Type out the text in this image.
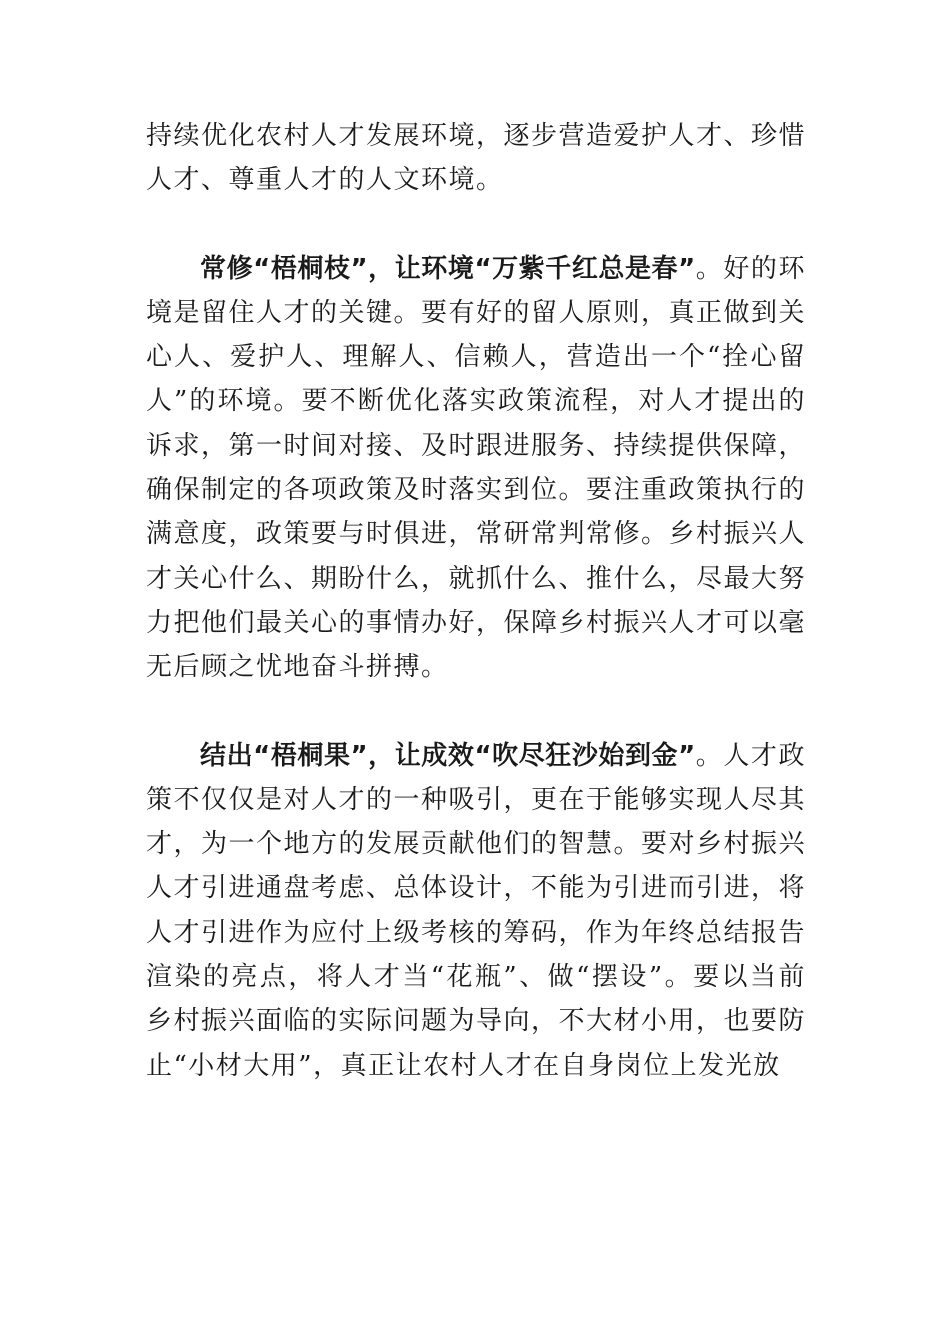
持续优化农村人才发展环境，逐步营造爱护人才、珍惜人才、尊重人才的人文环境。

常修“梧桐枝”，让环境“万紫千红总是春”。好的环境是留住人才的关键。要有好的留人原则，真正做到关心人、爱护人、理解人、信赖人，营造出一个“拴心留人”的环境。要不断优化落实政策流程，对人才提出的诉求，第一时间对接、及时跟进服务、持续提供保障，确保制定的各项政策及时落实到位。要注重政策执行的满意度，政策要与时俱进，常研常判常修。乡村振兴人才关心什么、期盼什么，就抓什么、推什么，尽最大努力把他们最关心的事情办好，保障乡村振兴人才可以毫无后顾之忧地奋斗拼搏。

结出“梧桐果”，让成效“吹尽狂沙始到金”。人才政策不仅仅是对人才的一种吸引，更在于能够实现人尽其才，为一个地方的发展贡献他们的智慧。要对乡村振兴人才引进通盘考虑、总体设计，不能为引进而引进，将人才引进作为应付上级考核的筹码，作为年终总结报告渲染的亮点，将人才当“花瓶”、做“摆设”。要以当前乡村振兴面临的实际问题为导向，不大材小用，也要防止“小材大用”，真正让农村人才在自身岗位上发光放
